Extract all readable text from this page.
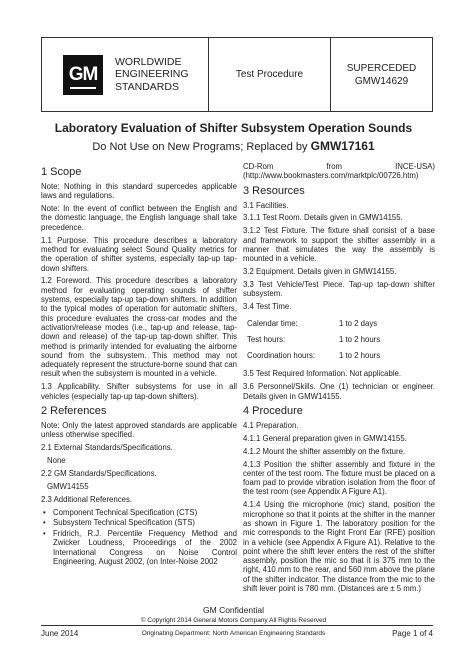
GM
WORLDWIDE
ENGINEERING
STANDARDS
Test Procedure
SUPERCEDED
GMW14629
Laboratory Evaluation of Shifter Subsystem Operation Sounds
Do Not Use on New Programs; Replaced by GMW17161
1 Scope

Note: Nothing in this standard supercedes applicable laws and regulations.

Note: In the event of conflict between the English and the domestic language, the English language shall take precedence.

1.1 Purpose. This procedure describes a laboratory method for evaluating select Sound Quality metrics for the operation of shifter systems, especially tap-up tap-down shifters.

1.2 Foreword. This procedure describes a laboratory method for evaluating operating sounds of shifter systems, especially tap-up tap-down shifters. In addition to the typical modes of operation for automatic shifters, this procedure evaluates the cross-car modes and the activation/release modes (i.e., tap-up and release, tap-down and release) of the tap-up tap-down shifter. This method is primarily intended for evaluating the airborne sound from the subsystem. This method may not adequately represent the structure-borne sound that can result when the subsystem is mounted in a vehicle.

1.3 Applicability. Shifter subsystems for use in all vehicles (especially tap-up tap-down shifters).

2 References

Note: Only the latest approved standards are applicable unless otherwise specified.

2.1 External Standards/Specifications.

None

2.2 GM Standards/Specifications.

GMW14155

2.3 Additional References.

• Component Technical Specification (CTS)
• Subsystem Technical Specification (STS)
• Fridrich, R.J. Percentile Frequency Method and Zwicker Loudness, Proceedings of the 2002 International Congress on Noise Control Engineering, August 2002, (on Inter-Noise 2002

CD-Rom from INCE-USA)

(http://www.bookmasters.com/marktplc/00726.htm)

3 Resources

3.1 Facilities.

3.1.1 Test Room. Details given in GMW14155.

3.1.2 Test Fixture. The fixture shall consist of a base and framework to support the shifter assembly in a manner that simulates the way the assembly is mounted in a vehicle.

3.2 Equipment. Details given in GMW14155.

3.3 Test Vehicle/Test Piece. Tap-up tap-down shifter subsystem.

3.4 Test Time.

Calendar time:	1 to 2 days
Test hours:	1 to 2 hours
Coordination hours:	1 to 2 hours

3.5 Test Required Information. Not applicable.

3.6 Personnel/Skills. One (1) technician or engineer. Details given in GMW14155.

4 Procedure

4.1 Preparation.

4.1.1 General preparation given in GMW14155.

4.1.2 Mount the shifter assembly on the fixture.

4.1.3 Position the shifter assembly and fixture in the center of the test room. The fixture must be placed on a foam pad to provide vibration isolation from the floor of the test room (see Appendix A Figure A1).

4.1.4 Using the microphone (mic) stand, position the microphone so that it points at the shifter in the manner as shown in Figure 1. The laboratory position for the mic corresponds to the Right Front Ear (RFE) position in a vehicle (see Appendix A Figure A1). Relative to the point where the shift lever enters the rest of the shifter assembly, position the mic so that it is 375 mm to the right, 410 mm to the rear, and 560 mm above the plane of the shifter indicator. The distance from the mic to the shift lever point is 780 mm. (Distances are ± 5 mm.)

GM Confidential
© Copyright 2014 General Motors Company All Rights Reserved
June 2014	Originating Department: North American Engineering Standards	Page 1 of 4
